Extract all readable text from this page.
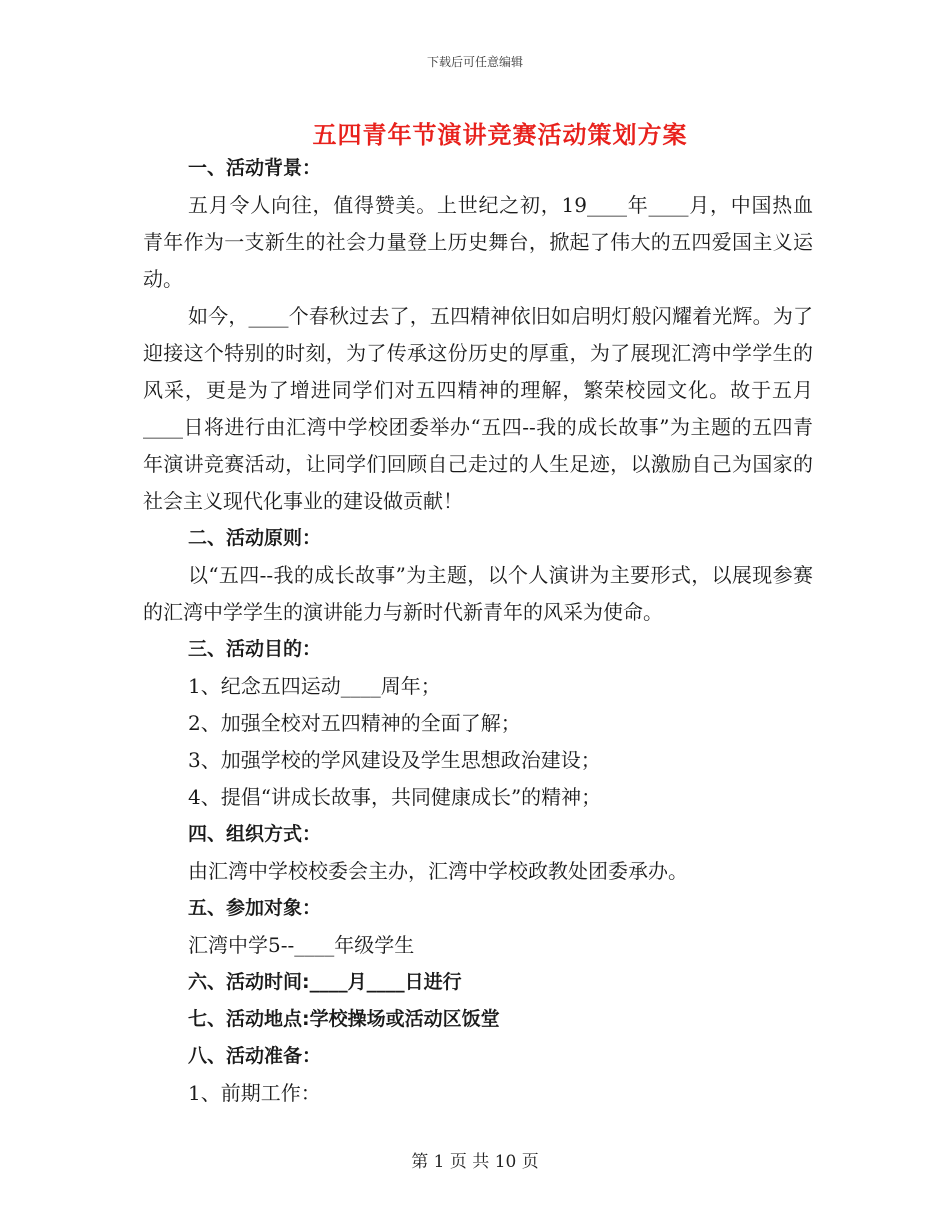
下载后可任意编辑
五四青年节演讲竞赛活动策划方案

一、活动背景：

五月令人向往，值得赞美。上世纪之初，19____年____月，中国热血青年作为一支新生的社会力量登上历史舞台，掀起了伟大的五四爱国主义运动。

如今，____个春秋过去了，五四精神依旧如启明灯般闪耀着光辉。为了迎接这个特别的时刻，为了传承这份历史的厚重，为了展现汇湾中学学生的风采，更是为了增进同学们对五四精神的理解，繁荣校园文化。故于五月____日将进行由汇湾中学校团委举办“五四--我的成长故事”为主题的五四青年演讲竞赛活动，让同学们回顾自己走过的人生足迹，以激励自己为国家的社会主义现代化事业的建设做贡献！

二、活动原则：

以“五四--我的成长故事”为主题，以个人演讲为主要形式，以展现参赛的汇湾中学学生的演讲能力与新时代新青年的风采为使命。

三、活动目的：

1、纪念五四运动____周年；

2、加强全校对五四精神的全面了解；

3、加强学校的学风建设及学生思想政治建设；

4、提倡“讲成长故事，共同健康成长”的精神；

四、组织方式：

由汇湾中学校校委会主办，汇湾中学校政教处团委承办。

五、参加对象：

汇湾中学5--____年级学生

六、活动时间:____月____日进行

七、活动地点:学校操场或活动区饭堂

八、活动准备：

1、前期工作：

第 1 页 共 10 页
